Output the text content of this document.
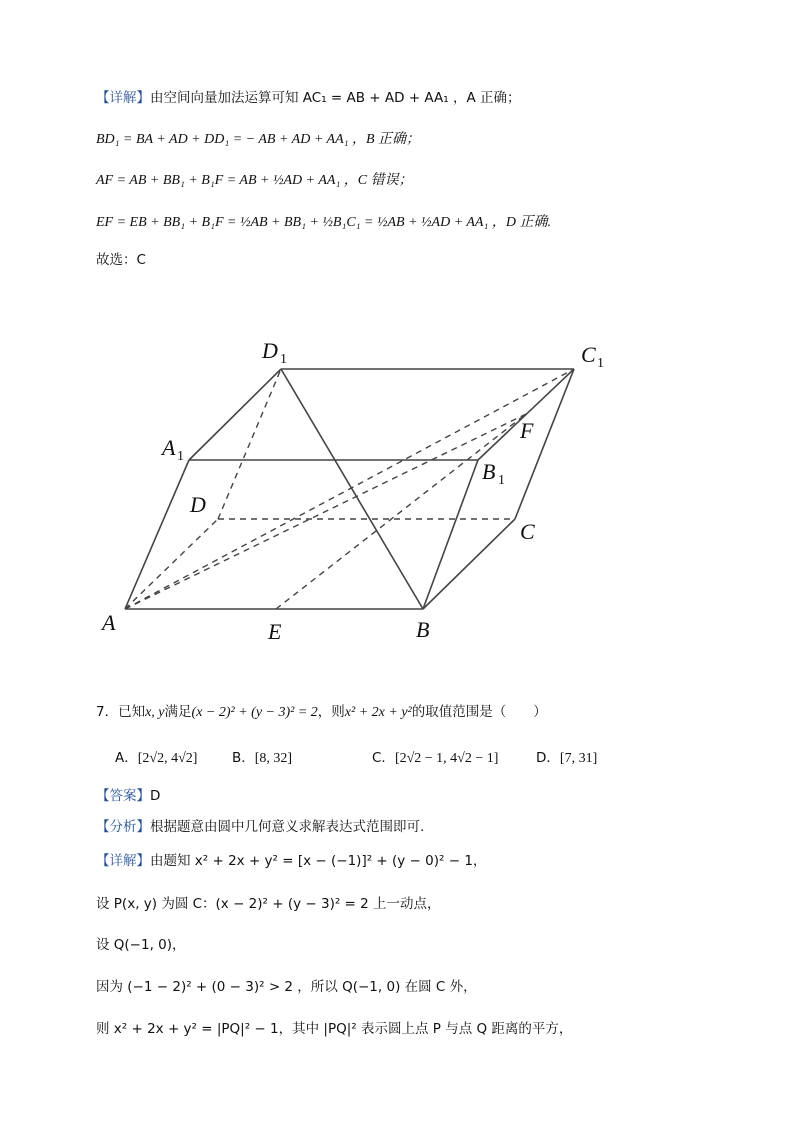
【详解】由空间向量加法运算可知 AC₁ = AB + AD + AA₁ ，A 正确；
BD₁ = BA + AD + DD₁ = − AB + AD + AA₁ ，B 正确；
AF = AB + BB₁ + B₁F = AB + ½AD + AA₁ ，C 错误；
EF = EB + BB₁ + B₁F = ½AB + BB₁ + ½B₁C₁ = ½AB + ½AD + AA₁ ，D 正确.
故选：C
D 1	C 1
A 1
B 1
F
D
C
A	E	B
7．已知x, y满足(x − 2)² + (y − 3)² = 2，则x² + 2x + y²的取值范围是（　　）
A．[2√2, 4√2]	B．[8, 32]	C．[2√2 − 1, 4√2 − 1]	D．[7, 31]
【答案】D
【分析】根据题意由圆中几何意义求解表达式范围即可.
【详解】由题知 x² + 2x + y² = [x − (−1)]² + (y − 0)² − 1，
设 P(x, y) 为圆 C：(x − 2)² + (y − 3)² = 2 上一动点，
设 Q(−1, 0)，
因为 (−1 − 2)² + (0 − 3)² > 2 ，所以 Q(−1, 0) 在圆 C 外，
则 x² + 2x + y² = |PQ|² − 1，其中 |PQ|² 表示圆上点 P 与点 Q 距离的平方，
